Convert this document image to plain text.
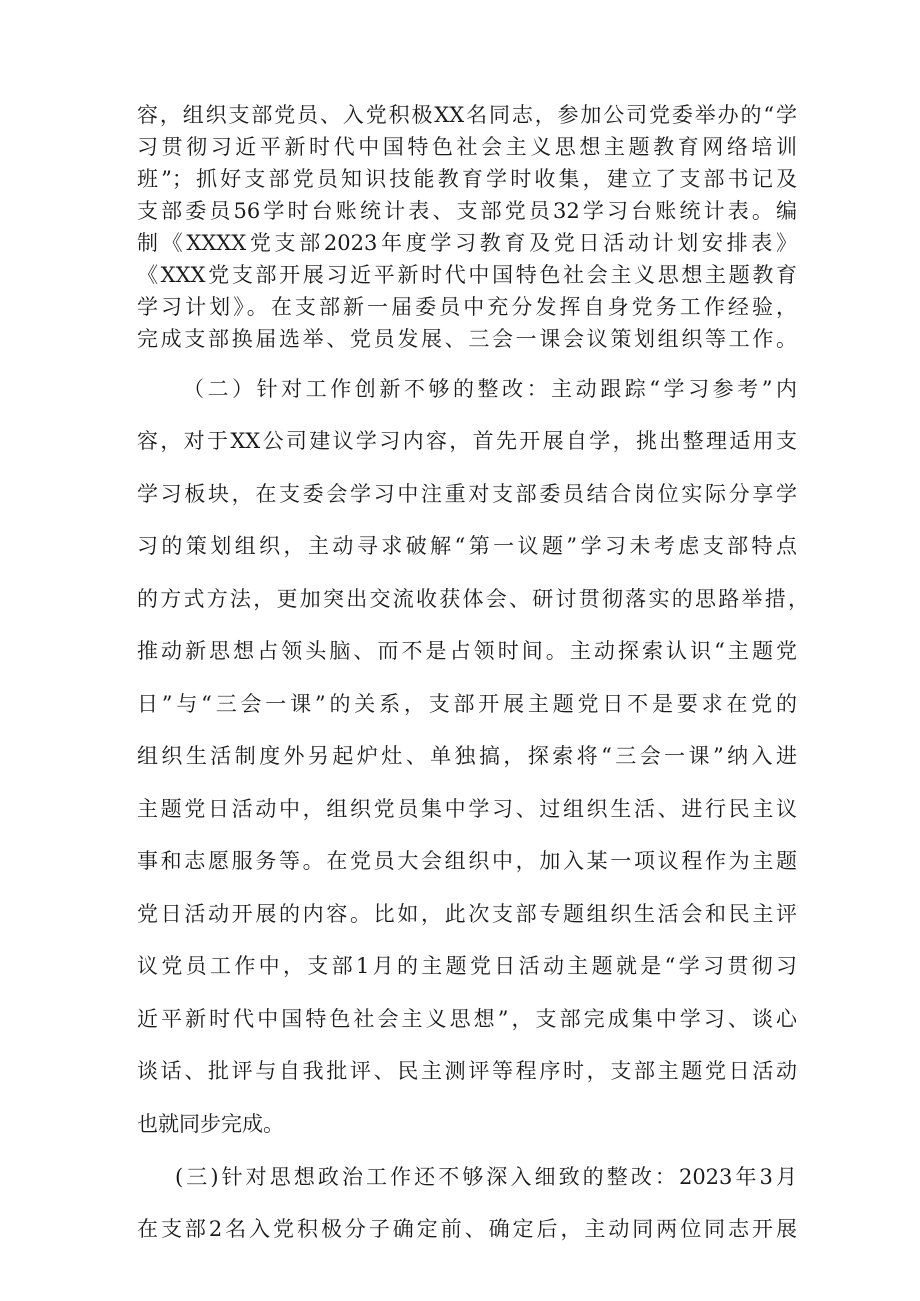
容，组织支部党员、入党积极XX名同志，参加公司党委举办的“学
习贯彻习近平新时代中国特色社会主义思想主题教育网络培训
班”；抓好支部党员知识技能教育学时收集，建立了支部书记及
支部委员56学时台账统计表、支部党员32学习台账统计表。编
制《XXXX党支部2023年度学习教育及党日活动计划安排表》
《XXX党支部开展习近平新时代中国特色社会主义思想主题教育
学习计划》。在支部新一届委员中充分发挥自身党务工作经验，
完成支部换届选举、党员发展、三会一课会议策划组织等工作。
（二）针对工作创新不够的整改：主动跟踪“学习参考”内
容，对于XX公司建议学习内容，首先开展自学，挑出整理适用支
学习板块，在支委会学习中注重对支部委员结合岗位实际分享学
习的策划组织，主动寻求破解“第一议题”学习未考虑支部特点
的方式方法，更加突出交流收获体会、研讨贯彻落实的思路举措，
推动新思想占领头脑、而不是占领时间。主动探索认识“主题党
日”与“三会一课”的关系，支部开展主题党日不是要求在党的
组织生活制度外另起炉灶、单独搞，探索将“三会一课”纳入进
主题党日活动中，组织党员集中学习、过组织生活、进行民主议
事和志愿服务等。在党员大会组织中，加入某一项议程作为主题
党日活动开展的内容。比如，此次支部专题组织生活会和民主评
议党员工作中，支部1月的主题党日活动主题就是“学习贯彻习
近平新时代中国特色社会主义思想”，支部完成集中学习、谈心
谈话、批评与自我批评、民主测评等程序时，支部主题党日活动
也就同步完成。
(三)针对思想政治工作还不够深入细致的整改：2023年3月
在支部2名入党积极分子确定前、确定后，主动同两位同志开展
